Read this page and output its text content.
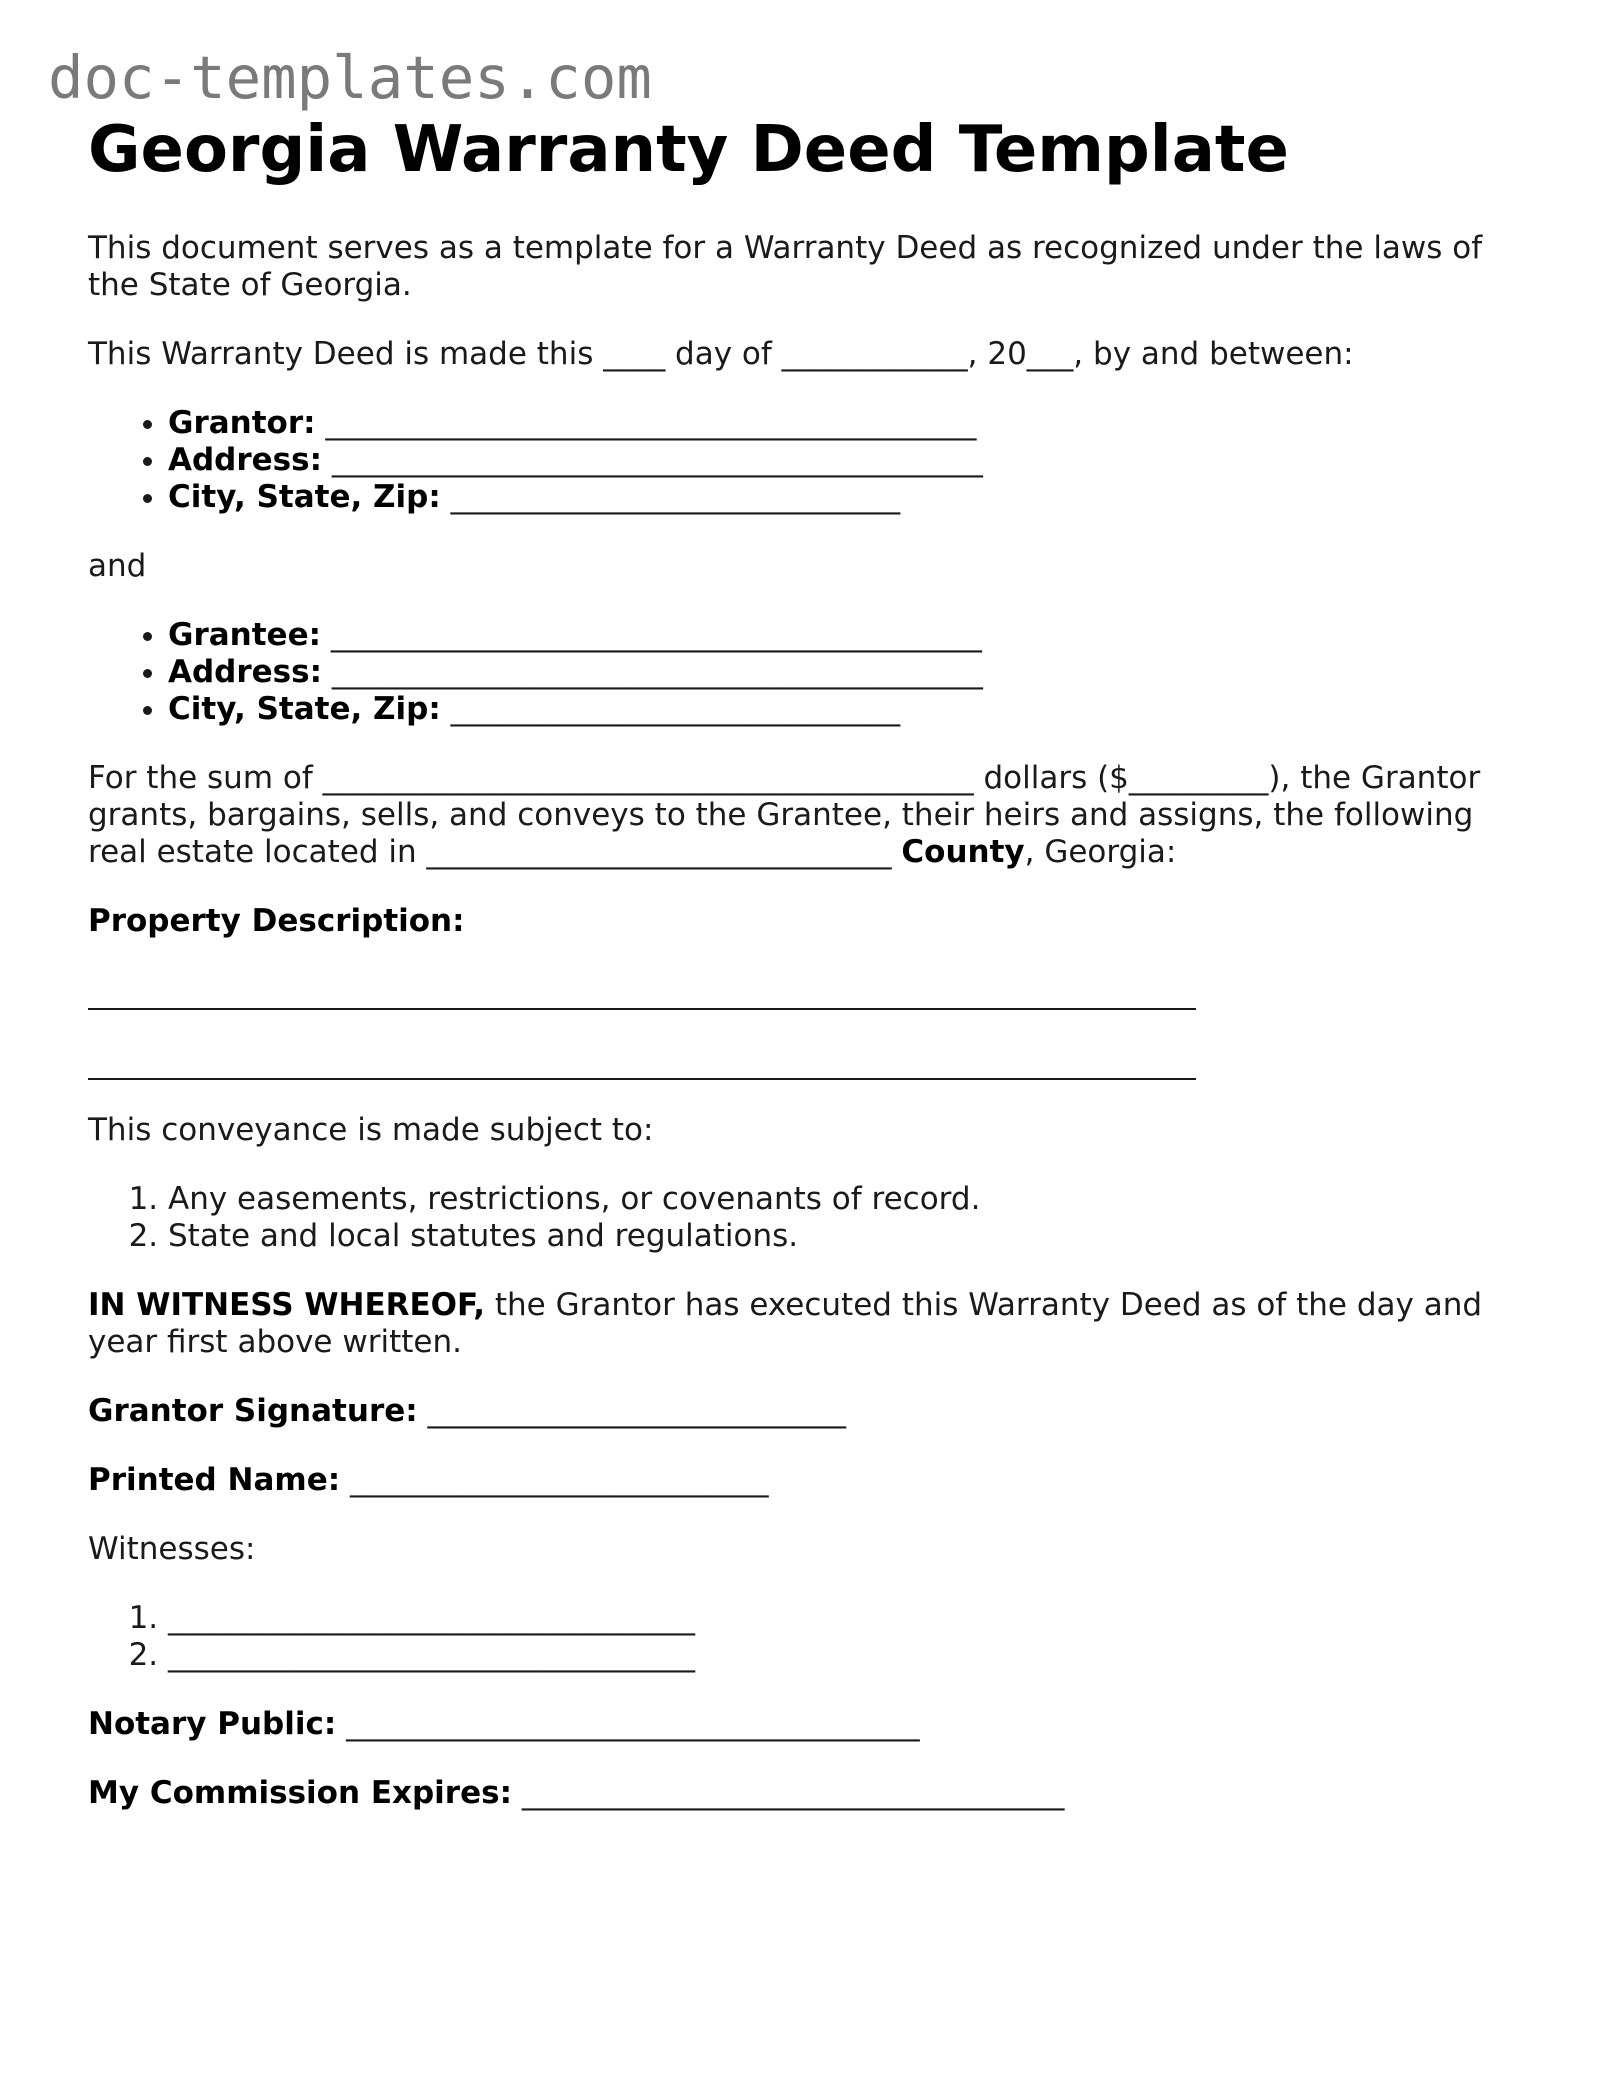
doc-templates.com
Georgia Warranty Deed Template

This document serves as a template for a Warranty Deed as recognized under the laws of the State of Georgia.

This Warranty Deed is made this ____ day of ____________, 20___, by and between:

• Grantor: __________________________________________
• Address: __________________________________________
• City, State, Zip: _____________________________

and

• Grantee: __________________________________________
• Address: __________________________________________
• City, State, Zip: _____________________________

For the sum of __________________________________________ dollars ($_________), the Grantor grants, bargains, sells, and conveys to the Grantee, their heirs and assigns, the following real estate located in ______________________________ County, Georgia:

Property Description:

This conveyance is made subject to:

1. Any easements, restrictions, or covenants of record.
2. State and local statutes and regulations.

IN WITNESS WHEREOF, the Grantor has executed this Warranty Deed as of the day and year first above written.

Grantor Signature: ___________________________

Printed Name: ___________________________

Witnesses:

1. __________________________________
2. __________________________________

Notary Public: _____________________________________

My Commission Expires: ___________________________________
